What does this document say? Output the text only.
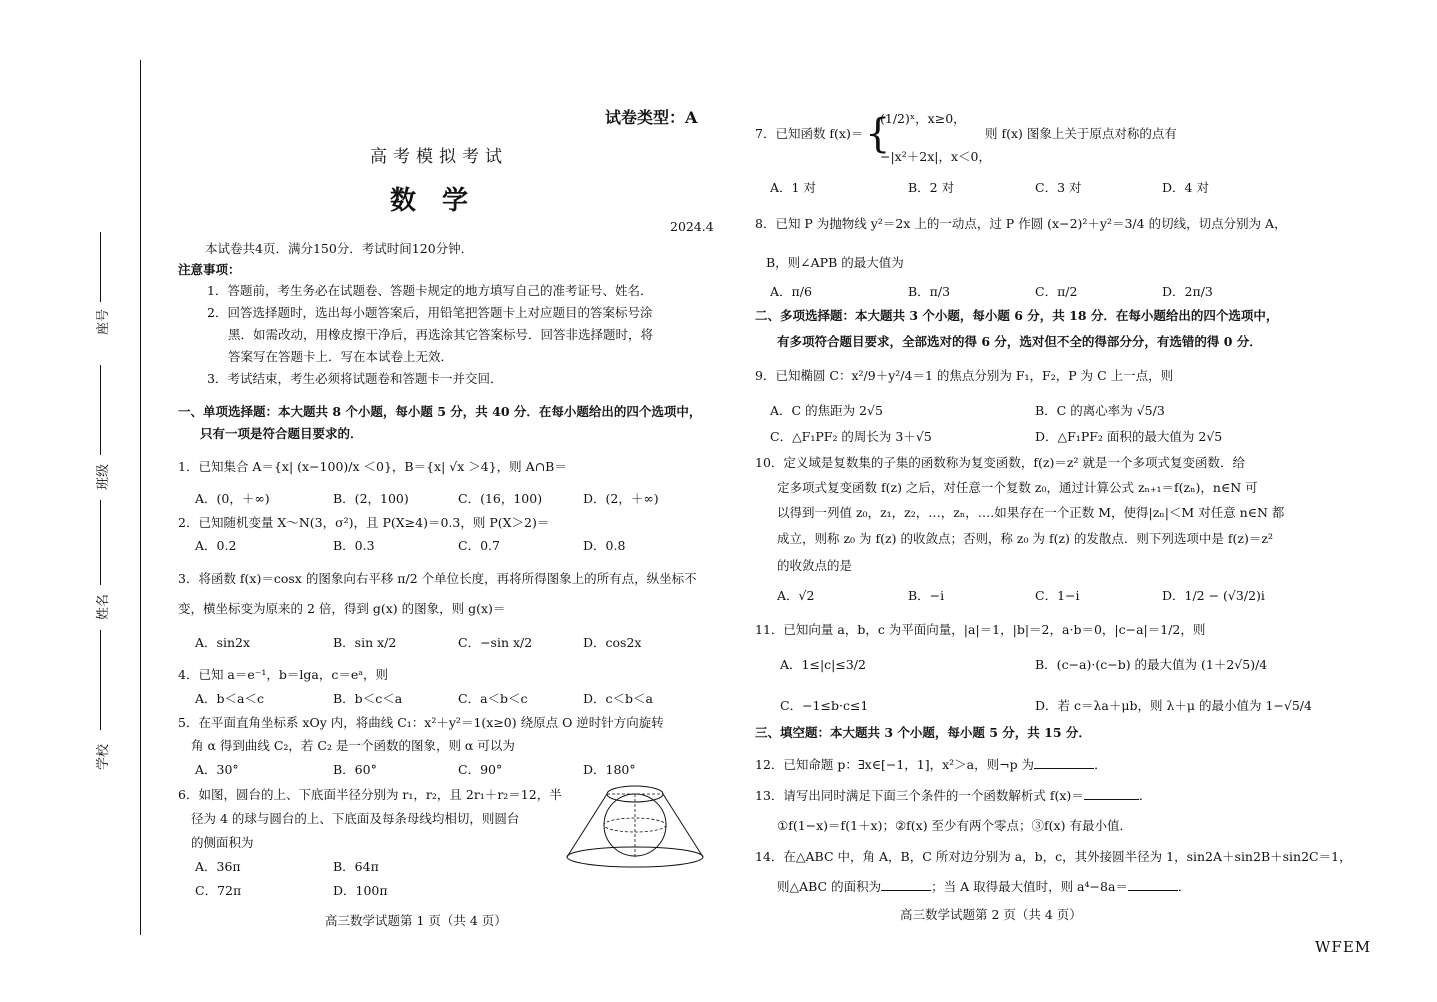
学校
姓名
班级
座号
试卷类型：A
高考模拟考试
数　学
2024.4
本试卷共4页．满分150分．考试时间120分钟．
注意事项：
1．答题前，考生务必在试题卷、答题卡规定的地方填写自己的准考证号、姓名．
2．回答选择题时，选出每小题答案后，用铅笔把答题卡上对应题目的答案标号涂
黑．如需改动，用橡皮擦干净后，再选涂其它答案标号．回答非选择题时，将
答案写在答题卡上．写在本试卷上无效．
3．考试结束，考生必须将试题卷和答题卡一并交回．
一、单项选择题：本大题共 8 个小题，每小题 5 分，共 40 分．在每小题给出的四个选项中，
只有一项是符合题目要求的．
1．已知集合 A＝{x| (x−100)/x ＜0}，B＝{x| √x ＞4}，则 A∩B＝
A．(0，＋∞)	B．(2，100)	C．(16，100)	D．(2，＋∞)
2．已知随机变量 X～N(3，σ²)，且 P(X≥4)＝0.3，则 P(X＞2)＝
A．0.2	B．0.3	C．0.7	D．0.8
3．将函数 f(x)＝cosx 的图象向右平移 π/2 个单位长度，再将所得图象上的所有点，纵坐标不
变，横坐标变为原来的 2 倍，得到 g(x) 的图象，则 g(x)＝
A．sin2x	B．sin x/2	C．−sin x/2	D．cos2x
4．已知 a＝e⁻¹，b＝lga，c＝eᵃ，则
A．b＜a＜c	B．b＜c＜a	C．a＜b＜c	D．c＜b＜a
5．在平面直角坐标系 xOy 内，将曲线 C₁：x²＋y²＝1(x≥0) 绕原点 O 逆时针方向旋转
角 α 得到曲线 C₂，若 C₂ 是一个函数的图象，则 α 可以为
A．30°	B．60°	C．90°	D．180°
6．如图，圆台的上、下底面半径分别为 r₁，r₂，且 2r₁＋r₂＝12，半
径为 4 的球与圆台的上、下底面及每条母线均相切，则圆台
的侧面积为
A．36π	B．64π
C．72π	D．100π
高三数学试题第 1 页（共 4 页）
7．已知函数 f(x)＝ {
(1/2)ˣ，x≥0，
−|x²＋2x|，x＜0，
则 f(x) 图象上关于原点对称的点有
A．1 对	B．2 对	C．3 对	D．4 对
8．已知 P 为抛物线 y²＝2x 上的一动点，过 P 作圆 (x−2)²＋y²＝3/4 的切线，切点分别为 A，
B，则∠APB 的最大值为
A．π/6	B．π/3	C．π/2	D．2π/3
二、多项选择题：本大题共 3 个小题，每小题 6 分，共 18 分．在每小题给出的四个选项中，
有多项符合题目要求，全部选对的得 6 分，选对但不全的得部分分，有选错的得 0 分．
9．已知椭圆 C：x²/9＋y²/4＝1 的焦点分别为 F₁，F₂，P 为 C 上一点，则
A．C 的焦距为 2√5	B．C 的离心率为 √5/3
C．△F₁PF₂ 的周长为 3＋√5	D．△F₁PF₂ 面积的最大值为 2√5
10．定义域是复数集的子集的函数称为复变函数，f(z)＝z² 就是一个多项式复变函数．给
定多项式复变函数 f(z) 之后，对任意一个复数 z₀，通过计算公式 zₙ₊₁＝f(zₙ)，n∈N 可
以得到一列值 z₀，z₁，z₂，…，zₙ，….如果存在一个正数 M，使得|zₙ|＜M 对任意 n∈N 都
成立，则称 z₀ 为 f(z) 的收敛点；否则，称 z₀ 为 f(z) 的发散点．则下列选项中是 f(z)＝z²
的收敛点的是
A．√2	B．−i	C．1−i	D．1/2 − (√3/2)i
11．已知向量 a，b，c 为平面向量，|a|＝1，|b|＝2，a·b＝0，|c−a|＝1/2，则
A．1≤|c|≤3/2	B．(c−a)·(c−b) 的最大值为 (1＋2√5)/4
C．−1≤b·c≤1	D．若 c＝λa＋μb，则 λ＋μ 的最小值为 1−√5/4
三、填空题：本大题共 3 个小题，每小题 5 分，共 15 分．
12．已知命题 p：∃x∈[−1，1]，x²＞a，则¬p 为	．
13．请写出同时满足下面三个条件的一个函数解析式 f(x)＝	．
①f(1−x)＝f(1＋x)；②f(x) 至少有两个零点；③f(x) 有最小值．
14．在△ABC 中，角 A，B，C 所对边分别为 a，b，c，其外接圆半径为 1，sin2A＋sin2B＋sin2C＝1，
则△ABC 的面积为	；当 A 取得最大值时，则 a⁴−8a＝	．
高三数学试题第 2 页（共 4 页）
WFEM
